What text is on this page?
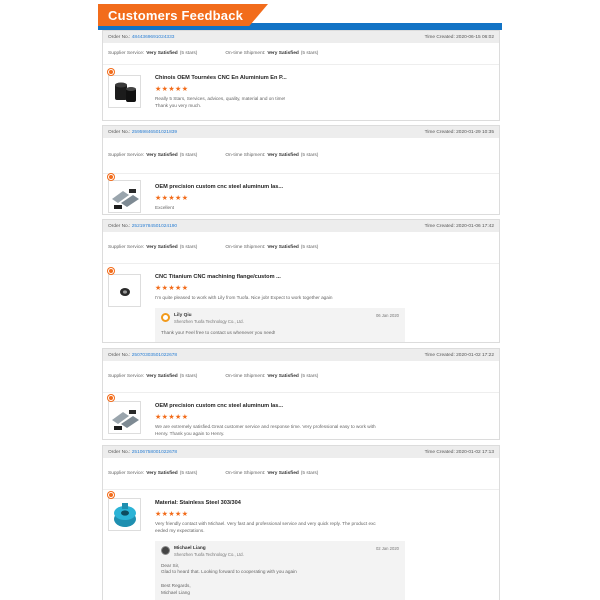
Customers Feedback
Order No.: 4844369691024333	Time Created: 2020-06-15 06:02
Supplier Service: Very Satisfied (5 stars)	On-time Shipment: Very Satisfied (5 stars)
Chinois OEM Tournées CNC En Aluminium En P...
★★★★★
Really 5 Stars, Services, advices, quality, material and on time!
Thank you very much.
Order No.: 25959846501021839	Time Created: 2020-01-29 10:35
Supplier Service: Very Satisfied (5 stars)	On-time Shipment: Very Satisfied (5 stars)
OEM precision custom cnc steel aluminum las...
★★★★★
Excellent
Order No.: 25219784501024190	Time Created: 2020-01-06 17:42
Supplier Service: Very Satisfied (5 stars)	On-time Shipment: Very Satisfied (5 stars)
CNC Titanium CNC machining flange/custom ...
★★★★★
I'm quite pleased to work with Lily from Tuofa. Nice job! Expect to work together again
Lily Qiu
Shenzhen Tuofa Technology Co., Ltd.
06 Jan 2020
Thank you! Feel free to contact us whenever you need!
Order No.: 25070303501022678	Time Created: 2020-01-02 17:22
Supplier Service: Very Satisfied (5 stars)	On-time Shipment: Very Satisfied (5 stars)
OEM precision custom cnc steel aluminum las...
★★★★★
We are extremely satisfied.Great customer service and response time. Very professional easy to work with
Henry. Thank you again to Henry.
Order No.: 25106758001022678	Time Created: 2020-01-02 17:13
Supplier Service: Very Satisfied (5 stars)	On-time Shipment: Very Satisfied (5 stars)
Material: Stainless Steel 303/304
★★★★★
Very friendly contact with Michael. Very fast and professional service and very quick reply. The product exc
eeded my expectations.
Michael Liang
Shenzhen Tuofa Technology Co., Ltd.
02 Jan 2020
Dear Sir,
Glad to heard that. Looking forward to cooperating with you again

Best Regards,
Michael Liang
